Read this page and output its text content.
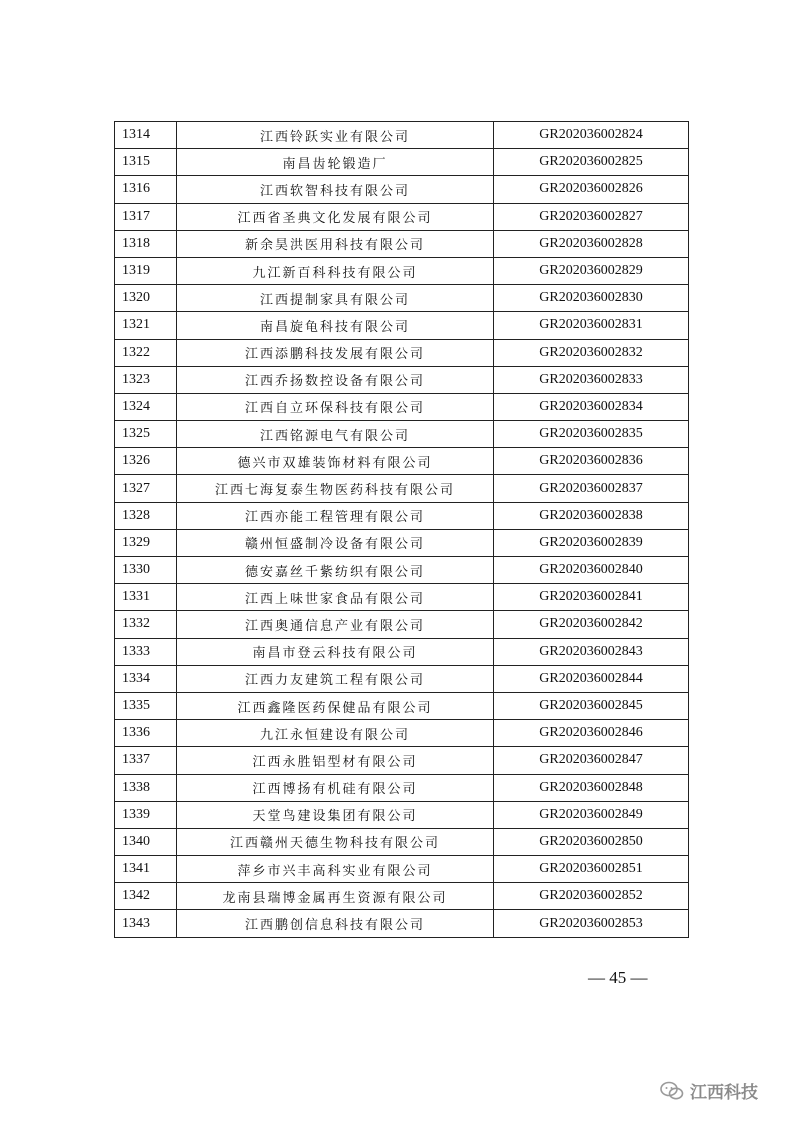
1314	江西铃跃实业有限公司	GR202036002824
1315	南昌齿轮锻造厂	GR202036002825
1316	江西软智科技有限公司	GR202036002826
1317	江西省圣典文化发展有限公司	GR202036002827
1318	新余昊洪医用科技有限公司	GR202036002828
1319	九江新百科科技有限公司	GR202036002829
1320	江西提制家具有限公司	GR202036002830
1321	南昌旋龟科技有限公司	GR202036002831
1322	江西添鹏科技发展有限公司	GR202036002832
1323	江西乔扬数控设备有限公司	GR202036002833
1324	江西自立环保科技有限公司	GR202036002834
1325	江西铭源电气有限公司	GR202036002835
1326	德兴市双雄装饰材料有限公司	GR202036002836
1327	江西七海复泰生物医药科技有限公司	GR202036002837
1328	江西亦能工程管理有限公司	GR202036002838
1329	赣州恒盛制冷设备有限公司	GR202036002839
1330	德安嘉丝千紫纺织有限公司	GR202036002840
1331	江西上味世家食品有限公司	GR202036002841
1332	江西奥通信息产业有限公司	GR202036002842
1333	南昌市登云科技有限公司	GR202036002843
1334	江西力友建筑工程有限公司	GR202036002844
1335	江西鑫隆医药保健品有限公司	GR202036002845
1336	九江永恒建设有限公司	GR202036002846
1337	江西永胜铝型材有限公司	GR202036002847
1338	江西博扬有机硅有限公司	GR202036002848
1339	天堂鸟建设集团有限公司	GR202036002849
1340	江西赣州天德生物科技有限公司	GR202036002850
1341	萍乡市兴丰高科实业有限公司	GR202036002851
1342	龙南县瑞博金属再生资源有限公司	GR202036002852
1343	江西鹏创信息科技有限公司	GR202036002853
— 45 —
江西科技
